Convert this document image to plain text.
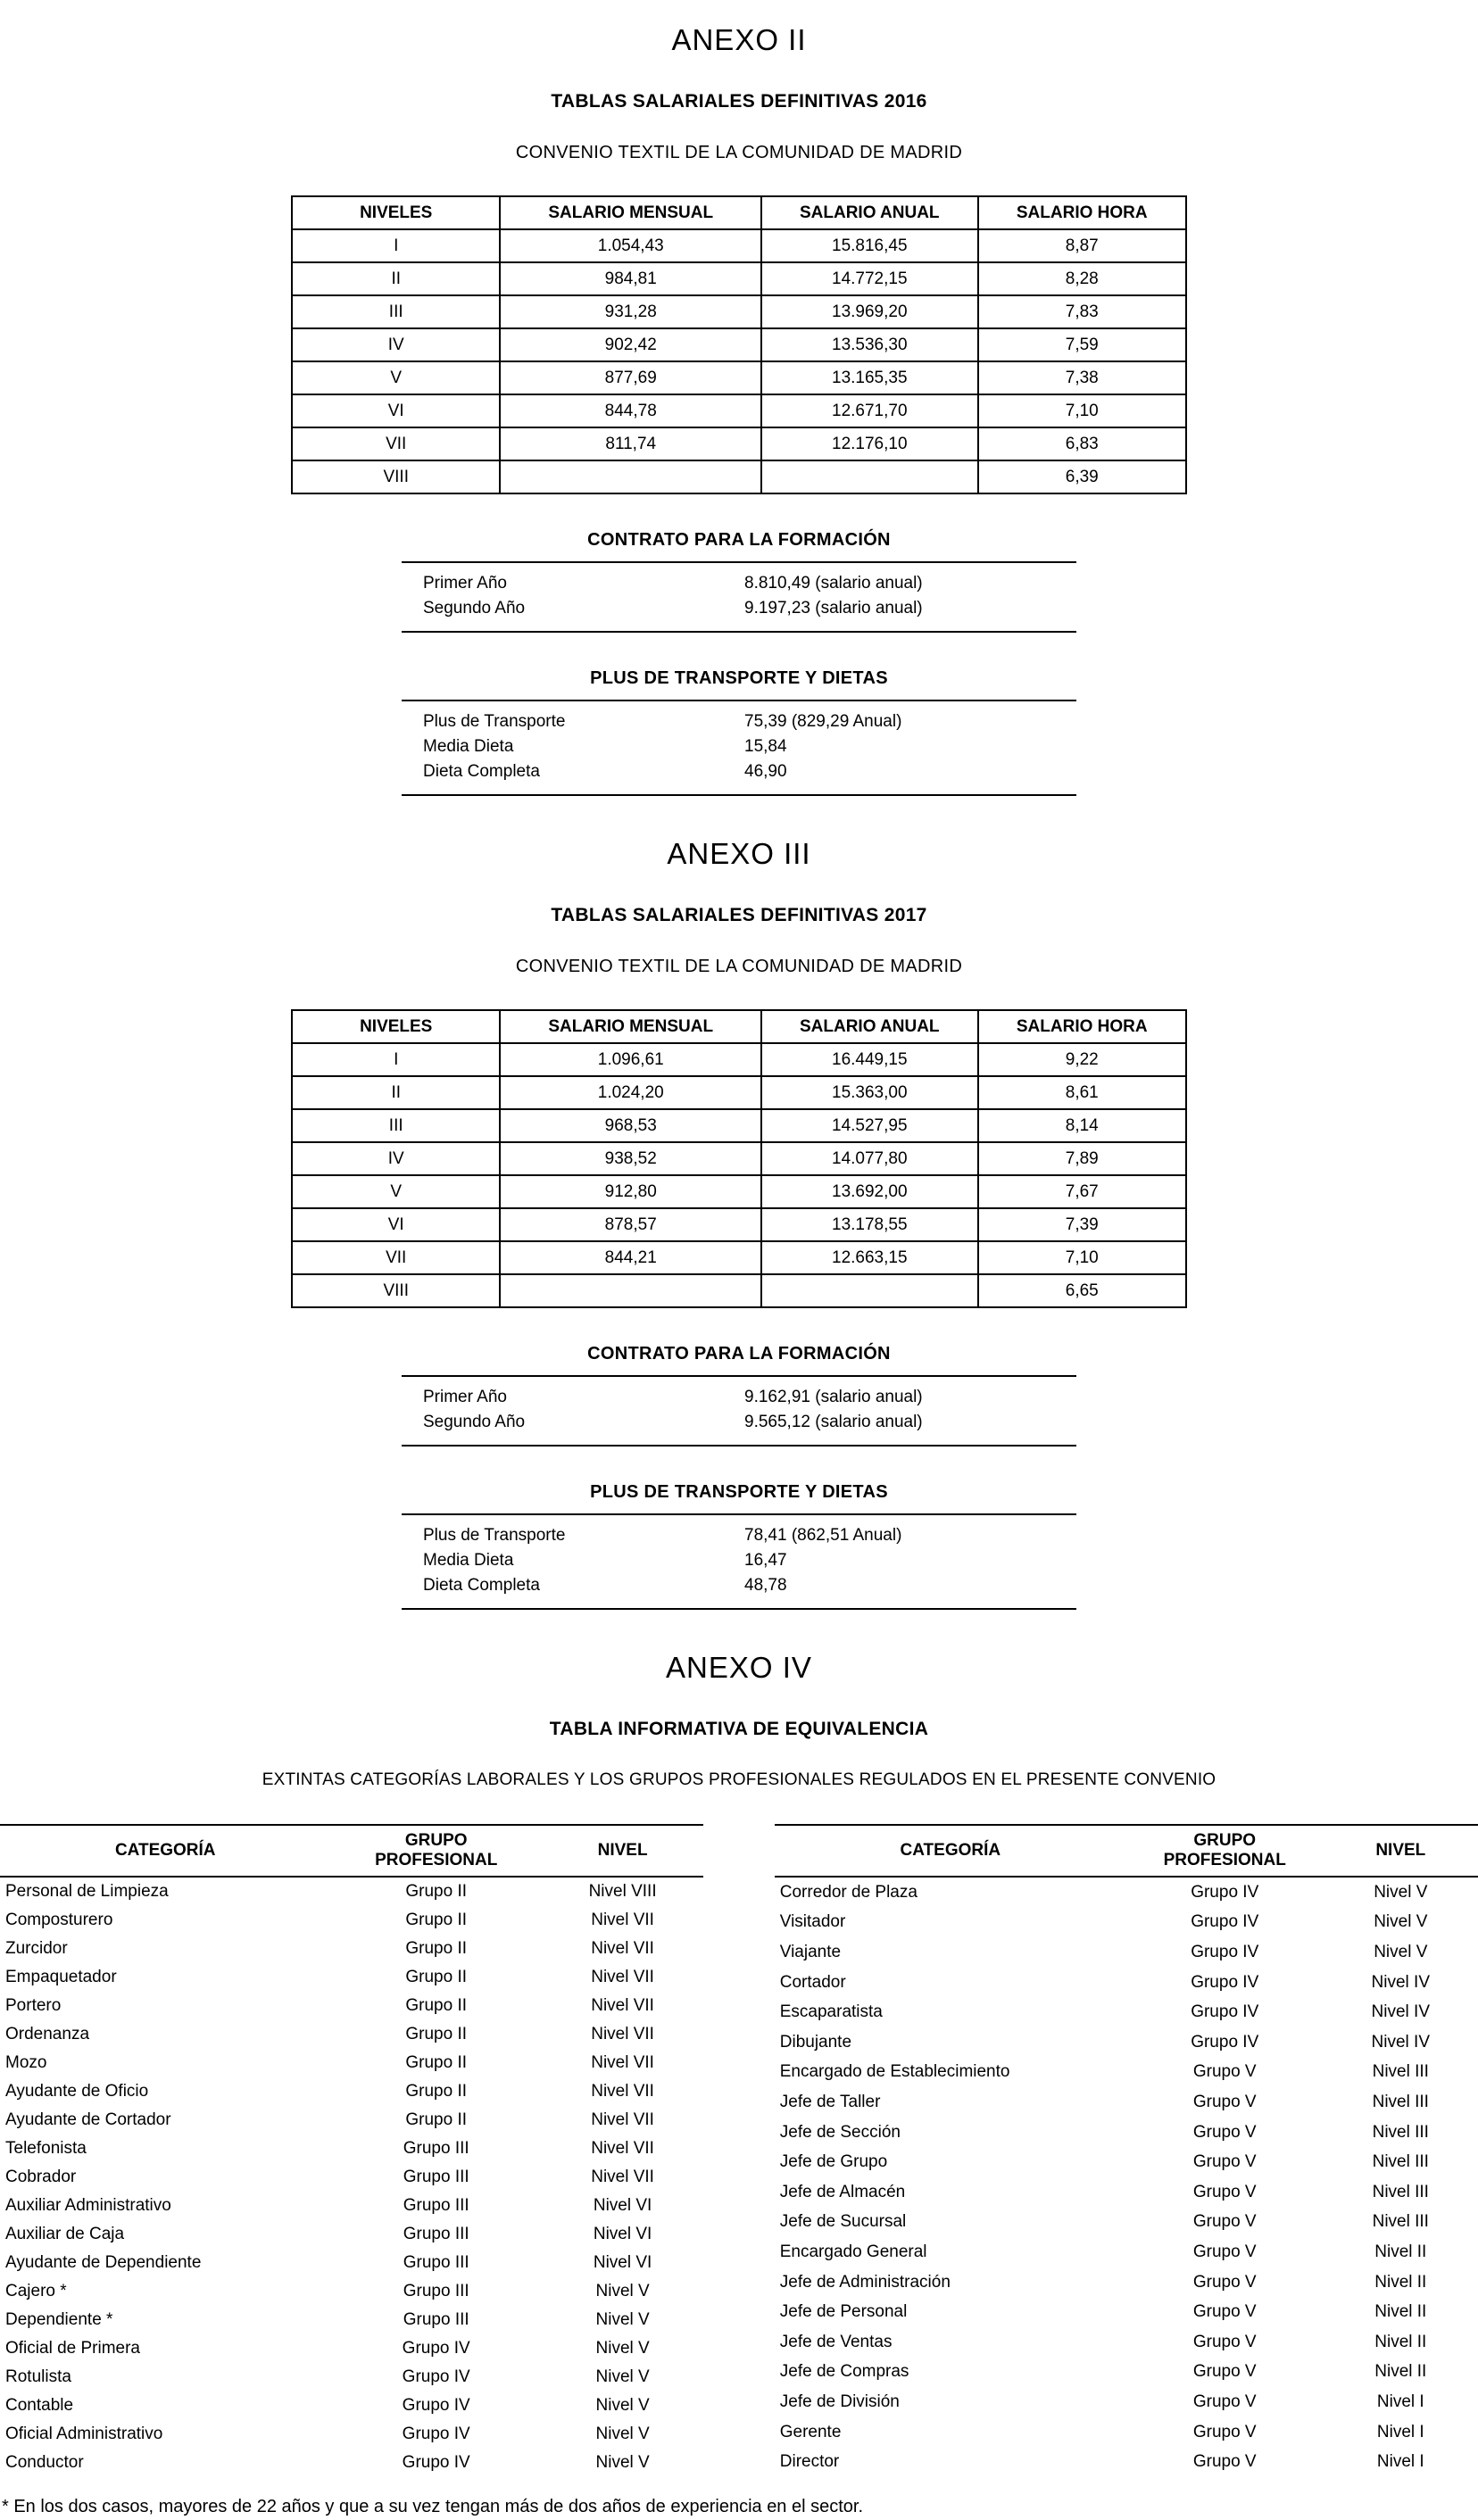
ANEXO II
TABLAS SALARIALES DEFINITIVAS 2016

CONVENIO TEXTIL DE LA COMUNIDAD DE MADRID

NIVELES	SALARIO MENSUAL	SALARIO ANUAL	SALARIO HORA
I	1.054,43	15.816,45	8,87
II	984,81	14.772,15	8,28
III	931,28	13.969,20	7,83
IV	902,42	13.536,30	7,59
V	877,69	13.165,35	7,38
VI	844,78	12.671,70	7,10
VII	811,74	12.176,10	6,83
VIII			6,39
CONTRATO PARA LA FORMACIÓN
Primer Año	8.810,49 (salario anual)
Segundo Año	9.197,23 (salario anual)
PLUS DE TRANSPORTE Y DIETAS
Plus de Transporte	75,39 (829,29 Anual)
Media Dieta	15,84
Dieta Completa	46,90
ANEXO III
TABLAS SALARIALES DEFINITIVAS 2017

CONVENIO TEXTIL DE LA COMUNIDAD DE MADRID

NIVELES	SALARIO MENSUAL	SALARIO ANUAL	SALARIO HORA
I	1.096,61	16.449,15	9,22
II	1.024,20	15.363,00	8,61
III	968,53	14.527,95	8,14
IV	938,52	14.077,80	7,89
V	912,80	13.692,00	7,67
VI	878,57	13.178,55	7,39
VII	844,21	12.663,15	7,10
VIII			6,65
CONTRATO PARA LA FORMACIÓN
Primer Año	9.162,91 (salario anual)
Segundo Año	9.565,12 (salario anual)
PLUS DE TRANSPORTE Y DIETAS
Plus de Transporte	78,41 (862,51 Anual)
Media Dieta	16,47
Dieta Completa	48,78
ANEXO IV
TABLA INFORMATIVA DE EQUIVALENCIA

EXTINTAS CATEGORÍAS LABORALES Y LOS GRUPOS PROFESIONALES REGULADOS EN EL PRESENTE CONVENIO

CATEGORÍA	GRUPO PROFESIONAL	NIVEL
Personal de Limpieza	Grupo II	Nivel VIII
Composturero	Grupo II	Nivel VII
Zurcidor	Grupo II	Nivel VII
Empaquetador	Grupo II	Nivel VII
Portero	Grupo II	Nivel VII
Ordenanza	Grupo II	Nivel VII
Mozo	Grupo II	Nivel VII
Ayudante de Oficio	Grupo II	Nivel VII
Ayudante de Cortador	Grupo II	Nivel VII
Telefonista	Grupo III	Nivel VII
Cobrador	Grupo III	Nivel VII
Auxiliar Administrativo	Grupo III	Nivel VI
Auxiliar de Caja	Grupo III	Nivel VI
Ayudante de Dependiente	Grupo III	Nivel VI
Cajero *	Grupo III	Nivel V
Dependiente *	Grupo III	Nivel V
Oficial de Primera	Grupo IV	Nivel V
Rotulista	Grupo IV	Nivel V
Contable	Grupo IV	Nivel V
Oficial Administrativo	Grupo IV	Nivel V
Conductor	Grupo IV	Nivel V
CATEGORÍA	GRUPO PROFESIONAL	NIVEL
Corredor de Plaza	Grupo IV	Nivel V
Visitador	Grupo IV	Nivel V
Viajante	Grupo IV	Nivel V
Cortador	Grupo IV	Nivel IV
Escaparatista	Grupo IV	Nivel IV
Dibujante	Grupo IV	Nivel IV
Encargado de Establecimiento	Grupo V	Nivel III
Jefe de Taller	Grupo V	Nivel III
Jefe de Sección	Grupo V	Nivel III
Jefe de Grupo	Grupo V	Nivel III
Jefe de Almacén	Grupo V	Nivel III
Jefe de Sucursal	Grupo V	Nivel III
Encargado General	Grupo V	Nivel II
Jefe de Administración	Grupo V	Nivel II
Jefe de Personal	Grupo V	Nivel II
Jefe de Ventas	Grupo V	Nivel II
Jefe de Compras	Grupo V	Nivel II
Jefe de División	Grupo V	Nivel I
Gerente	Grupo V	Nivel I
Director	Grupo V	Nivel I

* En los dos casos, mayores de 22 años y que a su vez tengan más de dos años de experiencia en el sector.
